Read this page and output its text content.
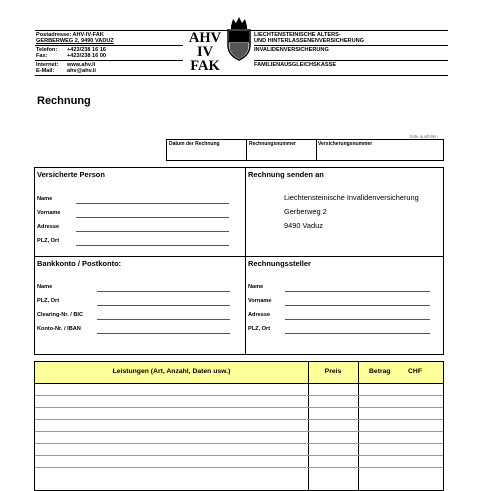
Postadresse: AHV-IV-FAK
GERBERWEG 2, 9490 VADUZ
Telefon: +423/238 16 16
Fax:	+423/238 16 00
Internet: www.ahv.li
E-Mail: ahv@ahv.li
AHV
IV
FAK
LIECHTENSTEINISCHE ALTERS-
UND HINTERLASSENENVERSICHERUNG
INVALIDENVERSICHERUNG
FAMILIENAUSGLEICHSKASSE
Rechnung
bitte ausfüllen
Datum der Rechnung	Rechnungsnummer	Versicherungsnummer
Versicherte Person
Name
Vorname
Adresse
PLZ, Ort
Rechnung senden an
Liechtensteinische Invalidenversicherung
Gerberweg 2
9490 Vaduz
Bankkonto / Postkonto:
Name
PLZ, Ort
Clearing-Nr. / BIC
Konto-Nr. / IBAN
Rechnungssteller
Name
Vorname
Adresse
PLZ, Ort
Leistungen (Art, Anzahl, Daten usw.)	Preis	Betrag	CHF
